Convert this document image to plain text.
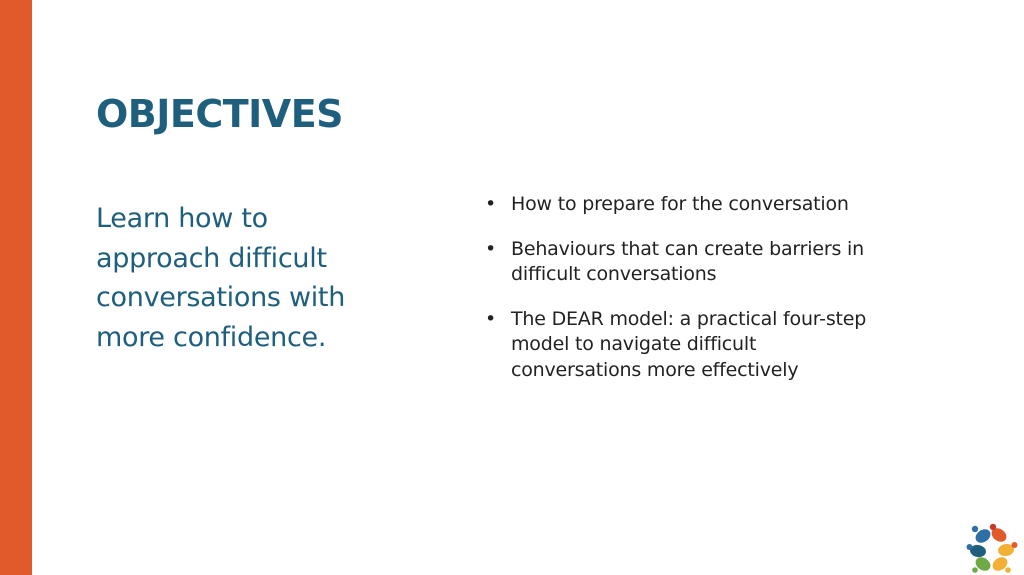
OBJECTIVES

Learn how to approach difficult conversations with more confidence.

• How to prepare for the conversation
• Behaviours that can create barriers in difficult conversations
• The DEAR model: a practical four-step model to navigate difficult conversations more effectively
